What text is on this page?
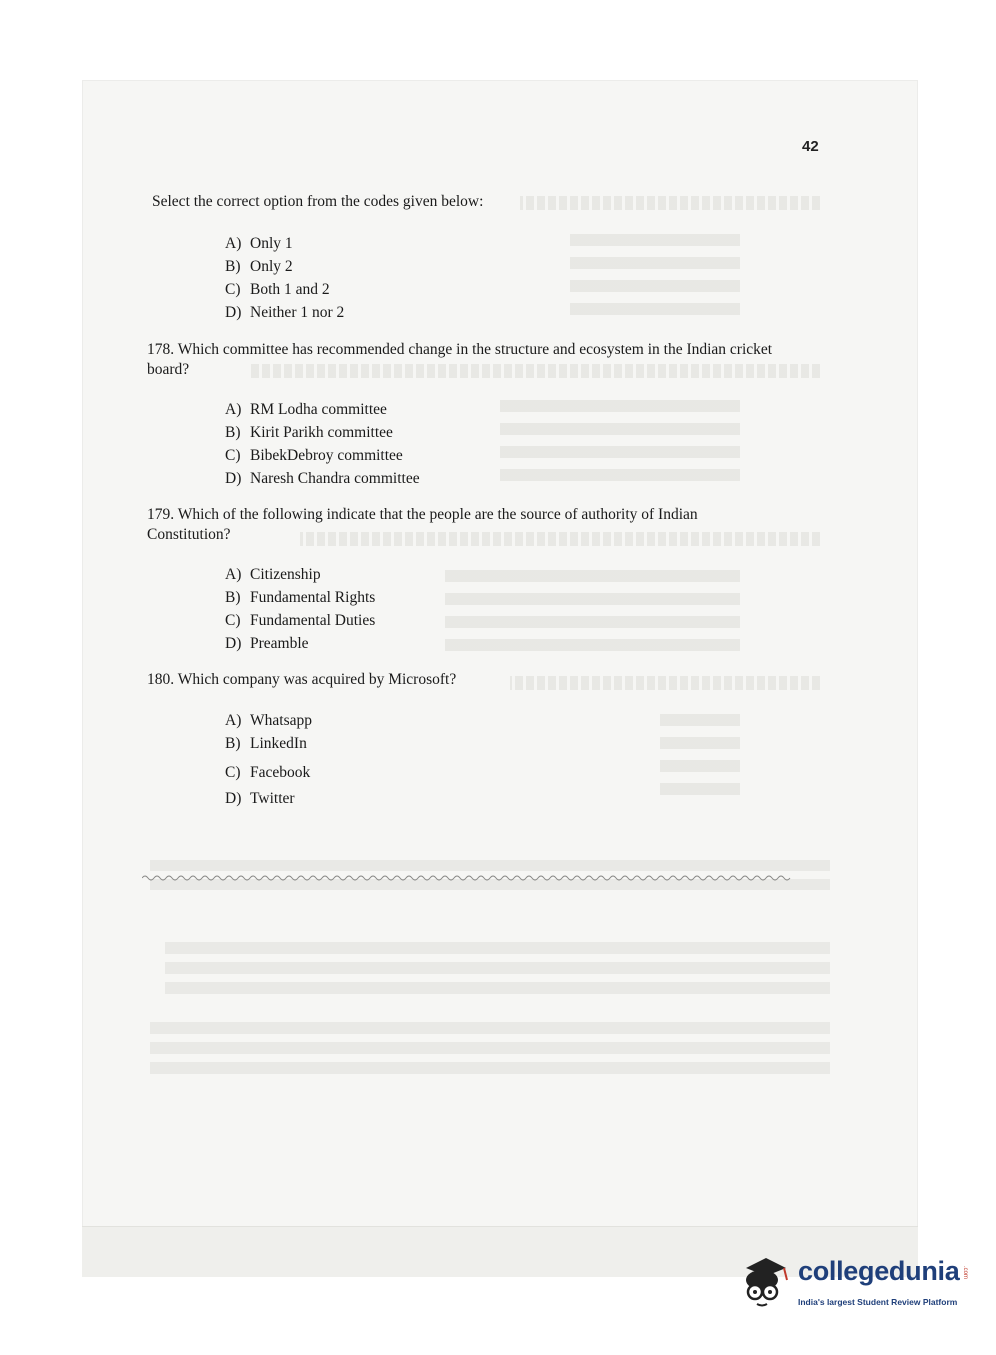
42
Select the correct option from the codes given below:
A) Only 1
B) Only 2
C) Both 1 and 2
D) Neither 1 nor 2
178. Which committee has recommended change in the structure and ecosystem in the Indian cricket board?
A) RM Lodha committee
B) Kirit Parikh committee
C) BibekDebroy committee
D) Naresh Chandra committee
179. Which of the following indicate that the people are the source of authority of Indian Constitution?
A) Citizenship
B) Fundamental Rights
C) Fundamental Duties
D) Preamble
180. Which company was acquired by Microsoft?
A) Whatsapp
B) LinkedIn
C) Facebook
D) Twitter
collegedunia .com
India's largest Student Review Platform
